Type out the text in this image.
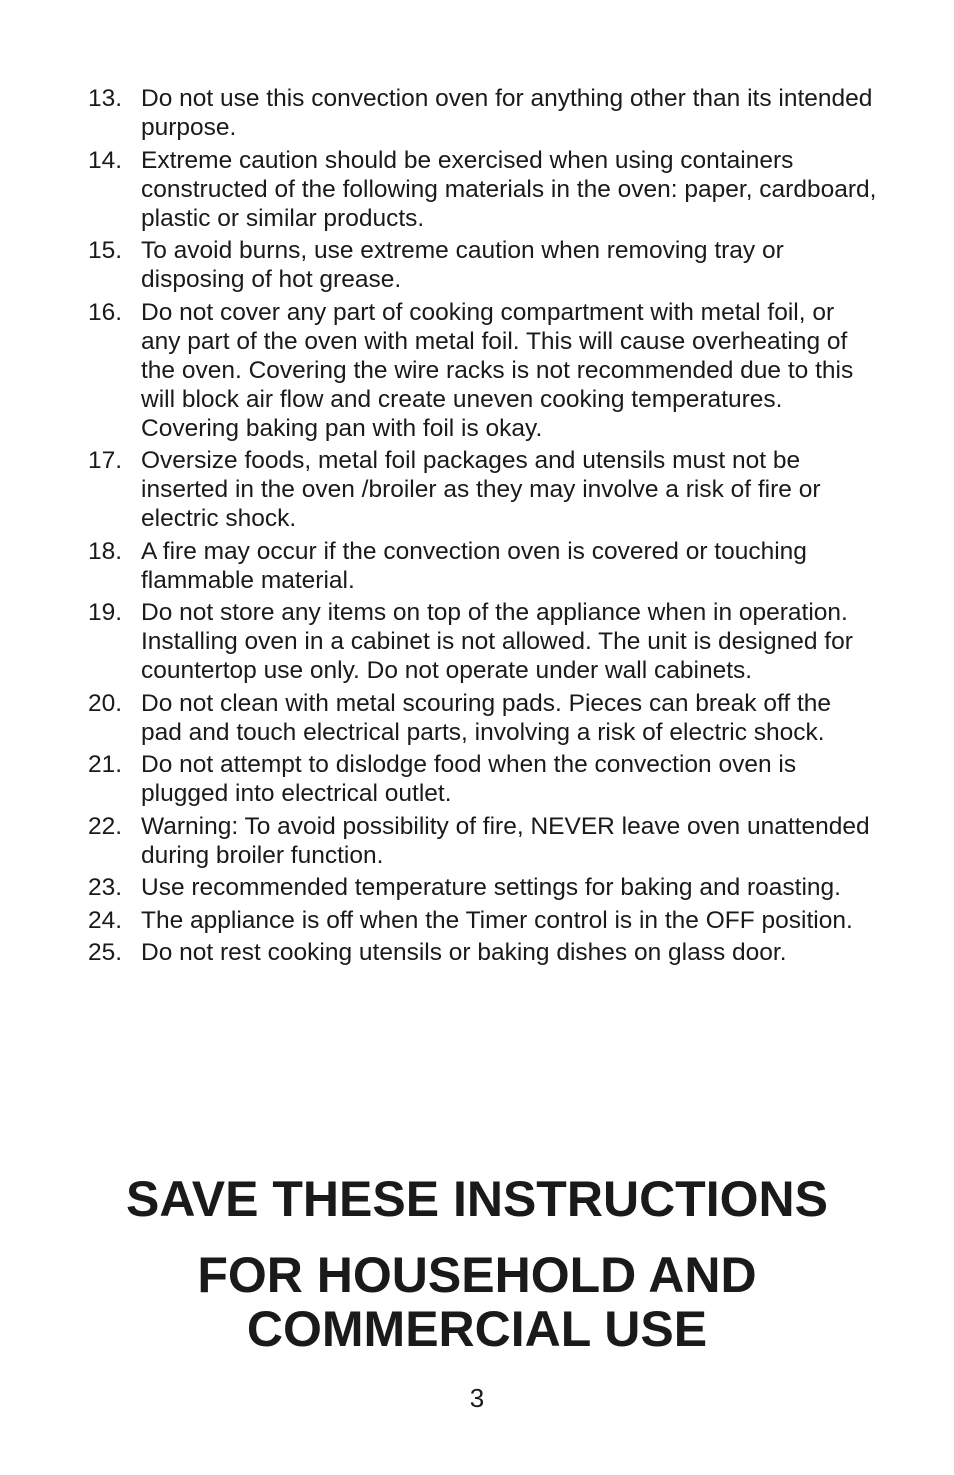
13. Do not use this convection oven for anything other than its intended purpose.
14. Extreme caution should be exercised when using containers constructed of the following materials in the oven: paper, cardboard, plastic or similar products.
15. To avoid burns, use extreme caution when removing tray or disposing of hot grease.
16. Do not cover any part of cooking compartment with metal foil, or any part of the oven with metal foil. This will cause overheating of the oven. Covering the wire racks is not recommended due to this will block air flow and create uneven cooking temperatures. Covering baking pan with foil is okay.
17. Oversize foods, metal foil packages and utensils must not be inserted in the oven /broiler as they may involve a risk of fire or electric shock.
18. A fire may occur if the convection oven is covered or touching flammable material.
19. Do not store any items on top of the appliance when in operation. Installing oven in a cabinet is not allowed. The unit is designed for countertop use only. Do not operate under wall cabinets.
20. Do not clean with metal scouring pads. Pieces can break off the pad and touch electrical parts, involving a risk of electric shock.
21. Do not attempt to dislodge food when the convection oven is plugged into electrical outlet.
22. Warning: To avoid possibility of fire, NEVER leave oven unattended during broiler function.
23. Use recommended temperature settings for baking and roasting.
24. The appliance is off when the Timer control is in the OFF position.
25. Do not rest cooking utensils or baking dishes on glass door.
SAVE THESE INSTRUCTIONS
FOR HOUSEHOLD AND
COMMERCIAL USE
3
